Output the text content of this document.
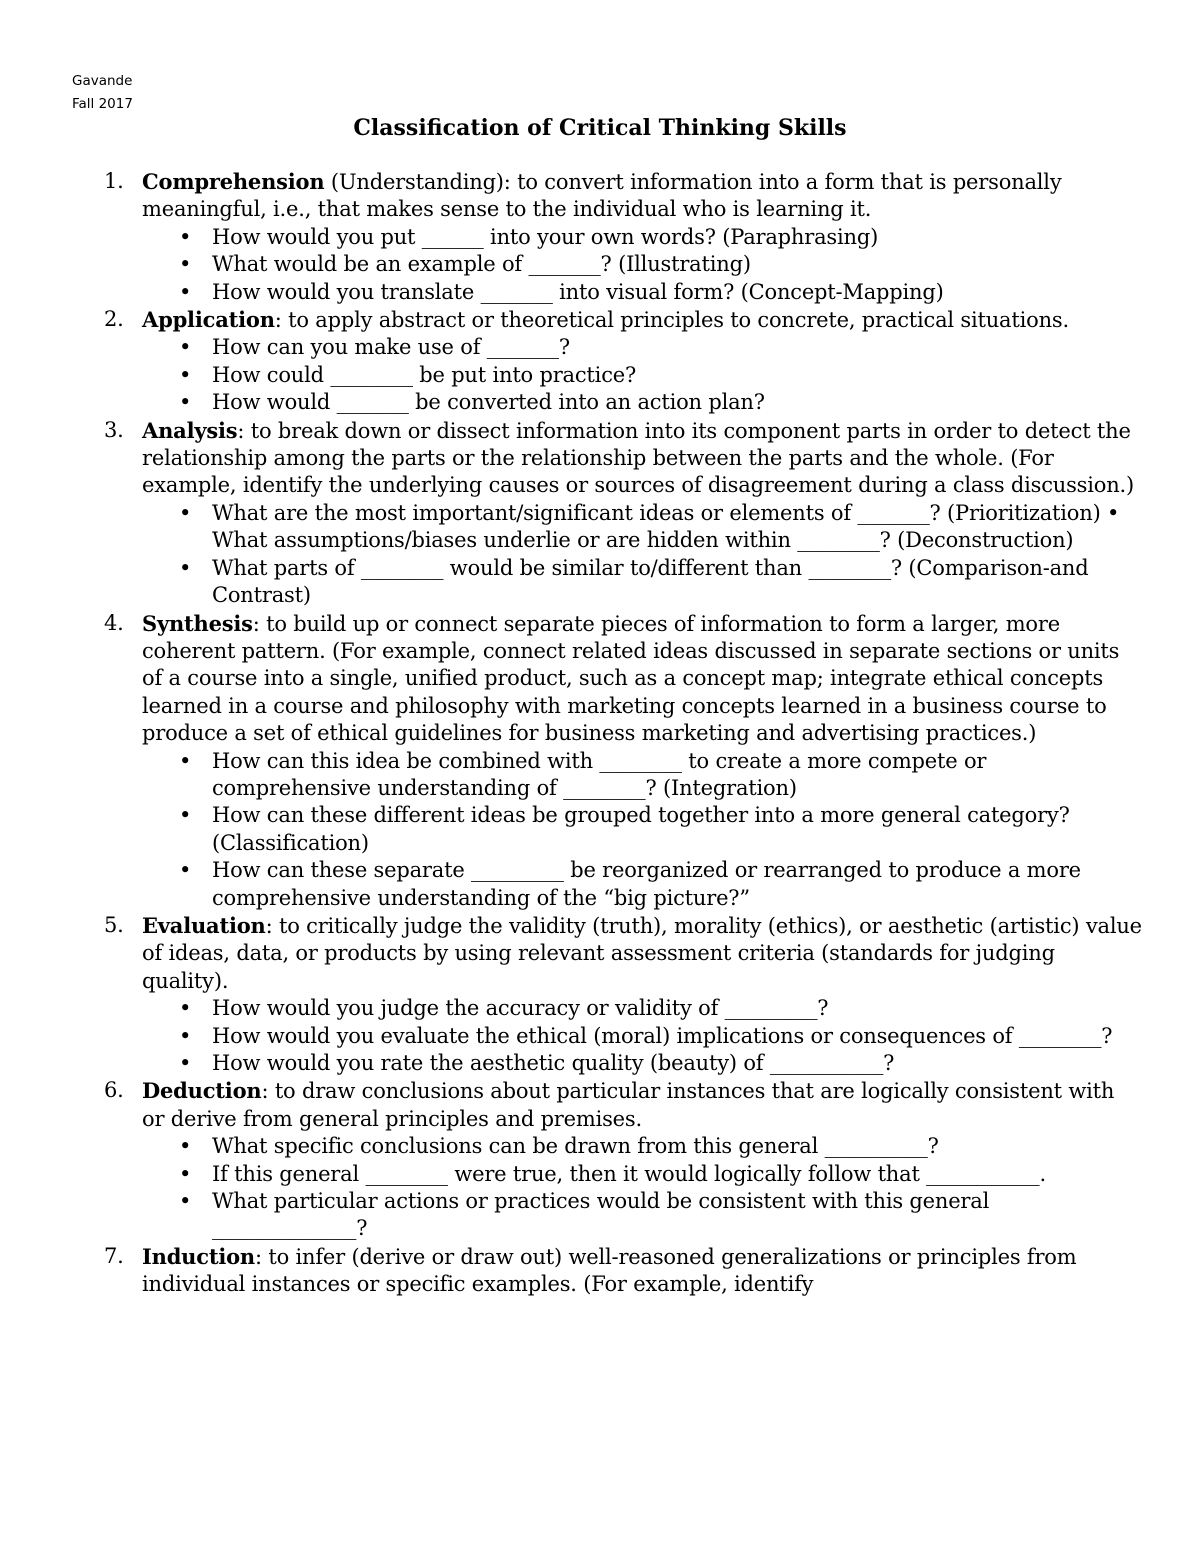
Gavande
Fall 2017
Classification of Critical Thinking Skills
1. Comprehension (Understanding): to convert information into a form that is personally meaningful, i.e., that makes sense to the individual who is learning it.
• How would you put ______ into your own words? (Paraphrasing)
• What would be an example of _______? (Illustrating)
• How would you translate _______ into visual form? (Concept-Mapping)
2. Application: to apply abstract or theoretical principles to concrete, practical situations.
• How can you make use of _______?
• How could ________ be put into practice?
• How would _______ be converted into an action plan?
3. Analysis: to break down or dissect information into its component parts in order to detect the relationship among the parts or the relationship between the parts and the whole. (For example, identify the underlying causes or sources of disagreement during a class discussion.)
• What are the most important/significant ideas or elements of _______? (Prioritization) • What assumptions/biases underlie or are hidden within ________? (Deconstruction)
• What parts of ________ would be similar to/different than ________? (Comparison-and Contrast)
4. Synthesis: to build up or connect separate pieces of information to form a larger, more coherent pattern. (For example, connect related ideas discussed in separate sections or units of a course into a single, unified product, such as a concept map; integrate ethical concepts learned in a course and philosophy with marketing concepts learned in a business course to produce a set of ethical guidelines for business marketing and advertising practices.)
• How can this idea be combined with ________ to create a more compete or comprehensive understanding of ________? (Integration)
• How can these different ideas be grouped together into a more general category? (Classification)
• How can these separate _________ be reorganized or rearranged to produce a more comprehensive understanding of the “big picture?”
5. Evaluation: to critically judge the validity (truth), morality (ethics), or aesthetic (artistic) value of ideas, data, or products by using relevant assessment criteria (standards for judging quality).
• How would you judge the accuracy or validity of _________?
• How would you evaluate the ethical (moral) implications or consequences of ________?
• How would you rate the aesthetic quality (beauty) of ___________?
6. Deduction: to draw conclusions about particular instances that are logically consistent with or derive from general principles and premises.
• What specific conclusions can be drawn from this general __________?
• If this general ________ were true, then it would logically follow that ___________.
• What particular actions or practices would be consistent with this general ______________?
7. Induction: to infer (derive or draw out) well-reasoned generalizations or principles from individual instances or specific examples. (For example, identify
